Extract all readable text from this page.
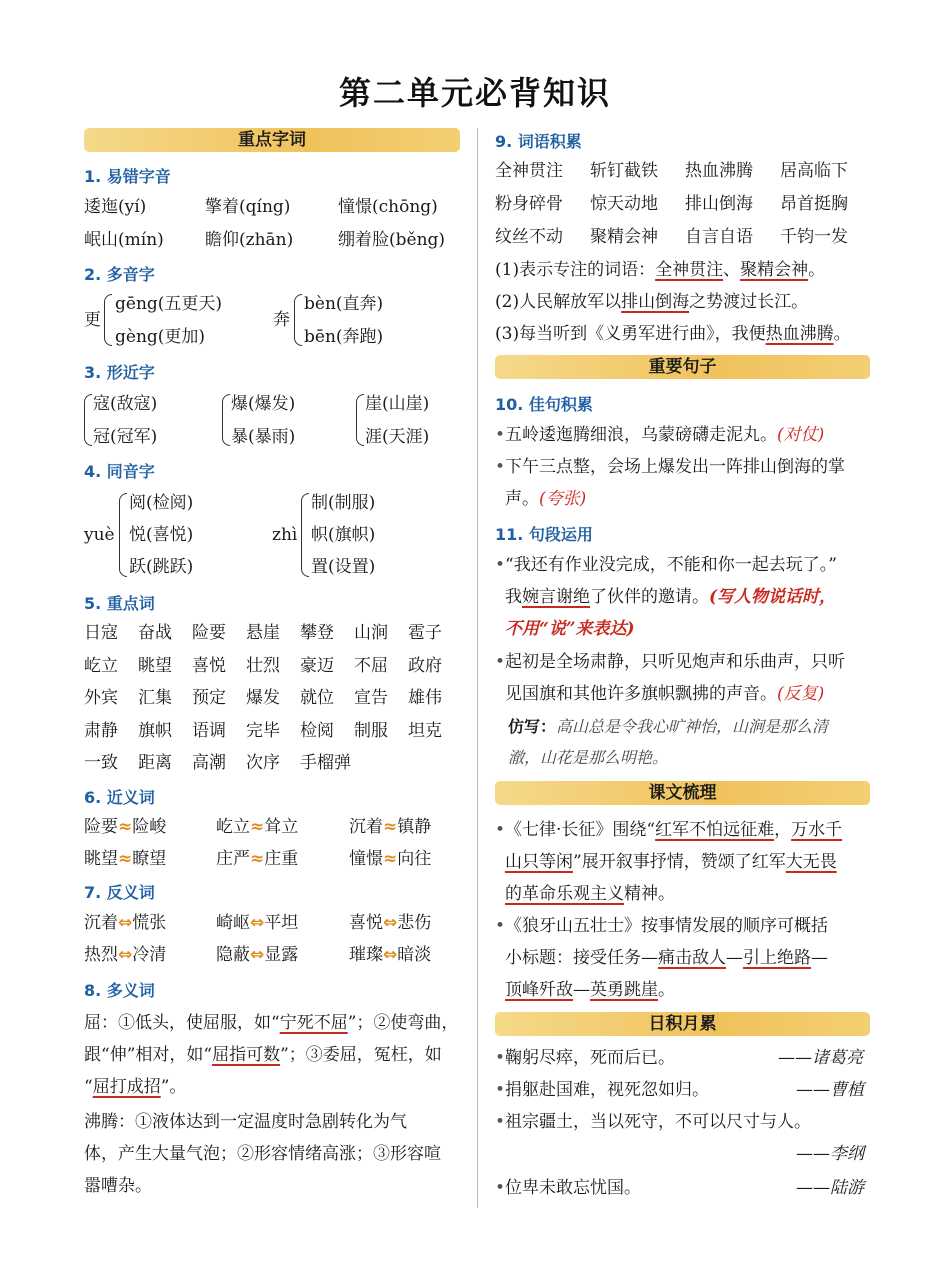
第二单元必背知识
重点字词
1. 易错字音
逶迤(yí)	擎着(qíng)	憧憬(chōng)
岷山(mín) 瞻仰(zhān)	绷着脸(běng)
2. 多音字
更
gēng(五更天)
gèng(更加)
奔
bèn(直奔)
bēn(奔跑)
3. 形近字
寇(敌寇)
冠(冠军)
爆(爆发)
暴(暴雨)
崖(山崖)
涯(天涯)
4. 同音字
yuè
阅(检阅)
悦(喜悦)
跃(跳跃)
zhì
制(制服)
帜(旗帜)
置(设置)
5. 重点词
日寇 奋战 险要 悬崖 攀登 山涧 雹子
屹立 眺望 喜悦 壮烈 豪迈 不屈 政府
外宾 汇集 预定 爆发 就位 宣告 雄伟
肃静 旗帜 语调 完毕 检阅 制服 坦克
一致 距离 高潮 次序 手榴弹
6. 近义词
险要≈险峻	屹立≈耸立	沉着≈镇静
眺望≈瞭望	庄严≈庄重	憧憬≈向往
7. 反义词
沉着⇔慌张	崎岖⇔平坦	喜悦⇔悲伤
热烈⇔冷清	隐蔽⇔显露	璀璨⇔暗淡
8. 多义词
屈：①低头，使屈服，如“宁死不屈”；②使弯曲，
跟“伸”相对，如“屈指可数”；③委屈，冤枉，如
“屈打成招”。
沸腾：①液体达到一定温度时急剧转化为气
体，产生大量气泡；②形容情绪高涨；③形容喧
嚣嘈杂。
9. 词语积累
全神贯注 斩钉截铁 热血沸腾 居高临下
粉身碎骨 惊天动地 排山倒海 昂首挺胸
纹丝不动 聚精会神 自言自语 千钧一发
(1)表示专注的词语：全神贯注、聚精会神。
(2)人民解放军以排山倒海之势渡过长江。
(3)每当听到《义勇军进行曲》，我便热血沸腾。
重要句子
10. 佳句积累
•五岭逶迤腾细浪，乌蒙磅礴走泥丸。(对仗)
•下午三点整，会场上爆发出一阵排山倒海的掌
声。(夸张)
11. 句段运用
•“我还有作业没完成，不能和你一起去玩了。”
我婉言谢绝了伙伴的邀请。(写人物说话时，
不用“说”来表达)
•起初是全场肃静，只听见炮声和乐曲声，只听
见国旗和其他许多旗帜飘拂的声音。(反复)
仿写：高山总是令我心旷神怡，山涧是那么清
澈，山花是那么明艳。
课文梳理
•《七律·长征》围绕“红军不怕远征难，万水千
山只等闲”展开叙事抒情，赞颂了红军大无畏
的革命乐观主义精神。
•《狼牙山五壮士》按事情发展的顺序可概括
小标题：接受任务—痛击敌人—引上绝路—
顶峰歼敌—英勇跳崖。
日积月累
•鞠躬尽瘁，死而后已。	——诸葛亮
•捐躯赴国难，视死忽如归。	——曹植
•祖宗疆土，当以死守，不可以尺寸与人。
——李纲
•位卑未敢忘忧国。	——陆游
